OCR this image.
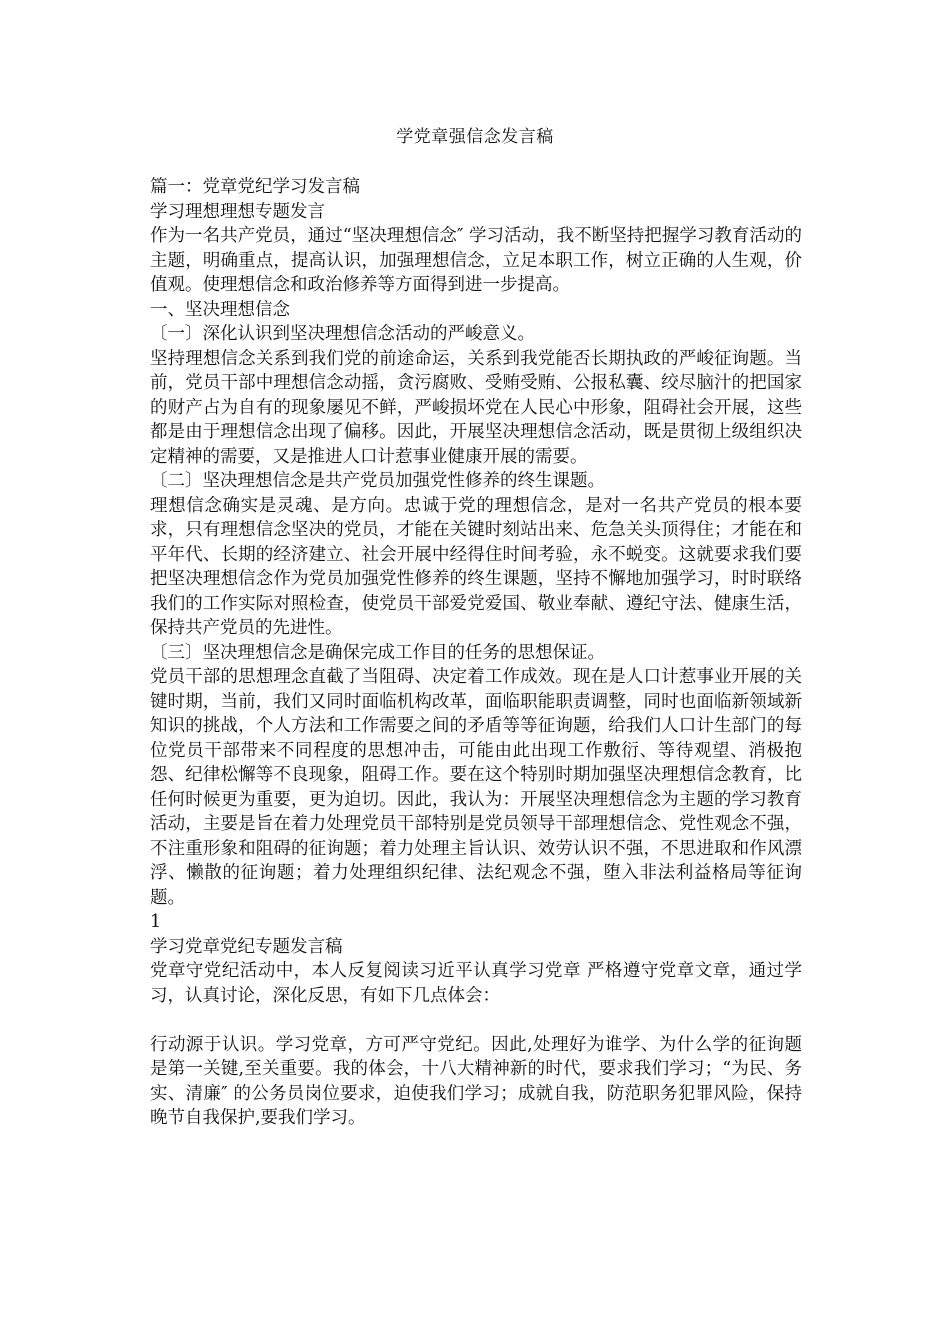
学党章强信念发言稿

篇一：党章党纪学习发言稿

学习理想理想专题发言

作为一名共产党员，通过“坚决理想信念″ 学习活动，我不断坚持把握学习教育活动的主题，明确重点，提高认识，加强理想信念，立足本职工作，树立正确的人生观，价值观。使理想信念和政治修养等方面得到进一步提高。

一、坚决理想信念

〔一〕深化认识到坚决理想信念活动的严峻意义。

坚持理想信念关系到我们党的前途命运，关系到我党能否长期执政的严峻征询题。当前，党员干部中理想信念动摇，贪污腐败、受贿受贿、公报私囊、绞尽脑汁的把国家的财产占为自有的现象屡见不鲜，严峻损坏党在人民心中形象，阻碍社会开展，这些都是由于理想信念出现了偏移。因此，开展坚决理想信念活动，既是贯彻上级组织决定精神的需要，又是推进人口计惹事业健康开展的需要。

〔二〕坚决理想信念是共产党员加强党性修养的终生课题。

理想信念确实是灵魂、是方向。忠诚于党的理想信念，是对一名共产党员的根本要求，只有理想信念坚决的党员，才能在关键时刻站出来、危急关头顶得住；才能在和平年代、长期的经济建立、社会开展中经得住时间考验，永不蜕变。这就要求我们要把坚决理想信念作为党员加强党性修养的终生课题，坚持不懈地加强学习，时时联络我们的工作实际对照检查，使党员干部爱党爱国、敬业奉献、遵纪守法、健康生活，保持共产党员的先进性。

〔三〕坚决理想信念是确保完成工作目的任务的思想保证。

党员干部的思想理念直截了当阻碍、决定着工作成效。现在是人口计惹事业开展的关键时期，当前，我们又同时面临机构改革，面临职能职责调整，同时也面临新领域新知识的挑战，个人方法和工作需要之间的矛盾等等征询题，给我们人口计生部门的每位党员干部带来不同程度的思想冲击，可能由此出现工作敷衍、等待观望、消极抱怨、纪律松懈等不良现象，阻碍工作。要在这个特别时期加强坚决理想信念教育，比任何时候更为重要，更为迫切。因此，我认为：开展坚决理想信念为主题的学习教育活动，主要是旨在着力处理党员干部特别是党员领导干部理想信念、党性观念不强，不注重形象和阻碍的征询题；着力处理主旨认识、效劳认识不强，不思进取和作风漂浮、懒散的征询题；着力处理组织纪律、法纪观念不强，堕入非法利益格局等征询题。

1

学习党章党纪专题发言稿

党章守党纪活动中，本人反复阅读习近平认真学习党章 严格遵守党章文章，通过学习，认真讨论，深化反思，有如下几点体会：

行动源于认识。学习党章，方可严守党纪。因此,处理好为谁学、为什么学的征询题是第一关键,至关重要。我的体会，十八大精神新的时代，要求我们学习；“为民、务实、清廉″ 的公务员岗位要求，迫使我们学习；成就自我，防范职务犯罪风险，保持晚节自我保护,要我们学习。
